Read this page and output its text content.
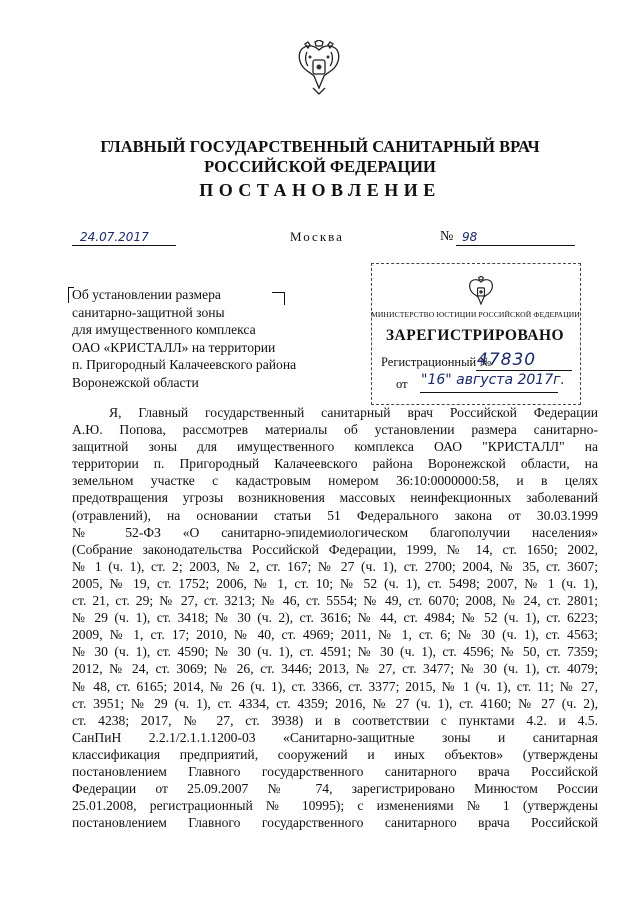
ГЛАВНЫЙ ГОСУДАРСТВЕННЫЙ САНИТАРНЫЙ ВРАЧ
РОССИЙСКОЙ ФЕДЕРАЦИИ
ПОСТАНОВЛЕНИЕ
24.07.2017	Москва	№ 98
Об установлении размера
санитарно-защитной зоны
для имущественного комплекса
ОАО «КРИСТАЛЛ» на территории
п. Пригородный Калачеевского района
Воронежской области
МИНИСТЕРСТВО ЮСТИЦИИ РОССИЙСКОЙ ФЕДЕРАЦИИ
ЗАРЕГИСТРИРОВАНО
Регистрационный №
47830
от "16" августа 2017г.
Я, Главный государственный санитарный врач Российской Федерации
А.Ю. Попова, рассмотрев материалы об установлении размера санитарно-
защитной зоны для имущественного комплекса ОАО "КРИСТАЛЛ" на
территории п. Пригородный Калачеевского района Воронежской области, на
земельном участке с кадастровым номером 36:10:0000000:58, и в целях
предотвращения угрозы возникновения массовых неинфекционных заболеваний
(отравлений), на основании статьи 51 Федерального закона от 30.03.1999
№ 52-ФЗ «О санитарно-эпидемиологическом благополучии населения»
(Собрание законодательства Российской Федерации, 1999, № 14, ст. 1650; 2002,
№ 1 (ч. 1), ст. 2; 2003, № 2, ст. 167; № 27 (ч. 1), ст. 2700; 2004, № 35, ст. 3607;
2005, № 19, ст. 1752; 2006, № 1, ст. 10; № 52 (ч. 1), ст. 5498; 2007, № 1 (ч. 1),
ст. 21, ст. 29; № 27, ст. 3213; № 46, ст. 5554; № 49, ст. 6070; 2008, № 24, ст. 2801;
№ 29 (ч. 1), ст. 3418; № 30 (ч. 2), ст. 3616; № 44, ст. 4984; № 52 (ч. 1), ст. 6223;
2009, № 1, ст. 17; 2010, № 40, ст. 4969; 2011, № 1, ст. 6; № 30 (ч. 1), ст. 4563;
№ 30 (ч. 1), ст. 4590; № 30 (ч. 1), ст. 4591; № 30 (ч. 1), ст. 4596; № 50, ст. 7359;
2012, № 24, ст. 3069; № 26, ст. 3446; 2013, № 27, ст. 3477; № 30 (ч. 1), ст. 4079;
№ 48, ст. 6165; 2014, № 26 (ч. 1), ст. 3366, ст. 3377; 2015, № 1 (ч. 1), ст. 11; № 27,
ст. 3951; № 29 (ч. 1), ст. 4334, ст. 4359; 2016, № 27 (ч. 1), ст. 4160; № 27 (ч. 2),
ст. 4238; 2017, № 27, ст. 3938) и в соответствии с пунктами 4.2. и 4.5.
СанПиН 2.2.1/2.1.1.1200-03 «Санитарно-защитные зоны и санитарная
классификация предприятий, сооружений и иных объектов» (утверждены
постановлением Главного государственного санитарного врача Российской
Федерации от 25.09.2007 № 74, зарегистрировано Минюстом России
25.01.2008, регистрационный № 10995); с изменениями № 1 (утверждены
постановлением Главного государственного санитарного врача Российской
